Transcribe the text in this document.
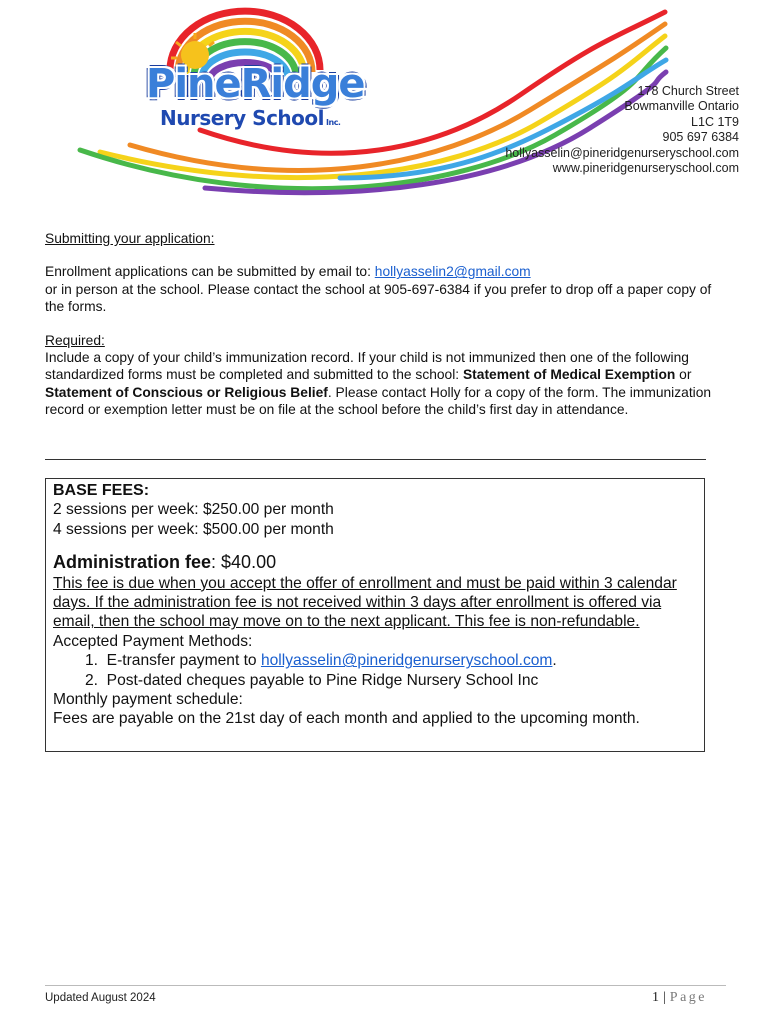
PineRidge
Nursery School Inc.
178 Church Street
Bowmanville Ontario
L1C 1T9
905 697 6384
hollyasselin@pineridgenurseryschool.com
www.pineridgenurseryschool.com

Submitting your application:

Enrollment applications can be submitted by email to: hollyasselin2@gmail.com
or in person at the school. Please contact the school at 905-697-6384 if you prefer to drop off a paper copy of the forms.

Required:
Include a copy of your child’s immunization record. If your child is not immunized then one of the following standardized forms must be completed and submitted to the school: Statement of Medical Exemption or Statement of Conscious or Religious Belief. Please contact Holly for a copy of the form. The immunization record or exemption letter must be on file at the school before the child’s first day in attendance.

BASE FEES:
2 sessions per week: $250.00 per month
4 sessions per week: $500.00 per month
Administration fee: $40.00
This fee is due when you accept the offer of enrollment and must be paid within 3 calendar days. If the administration fee is not received within 3 days after enrollment is offered via email, then the school may move on to the next applicant. This fee is non-refundable.
Accepted Payment Methods:
1.  E-transfer payment to hollyasselin@pineridgenurseryschool.com.
2.  Post-dated cheques payable to Pine Ridge Nursery School Inc
Monthly payment schedule:
Fees are payable on the 21st day of each month and applied to the upcoming month.
Updated August 2024	1 | Page
